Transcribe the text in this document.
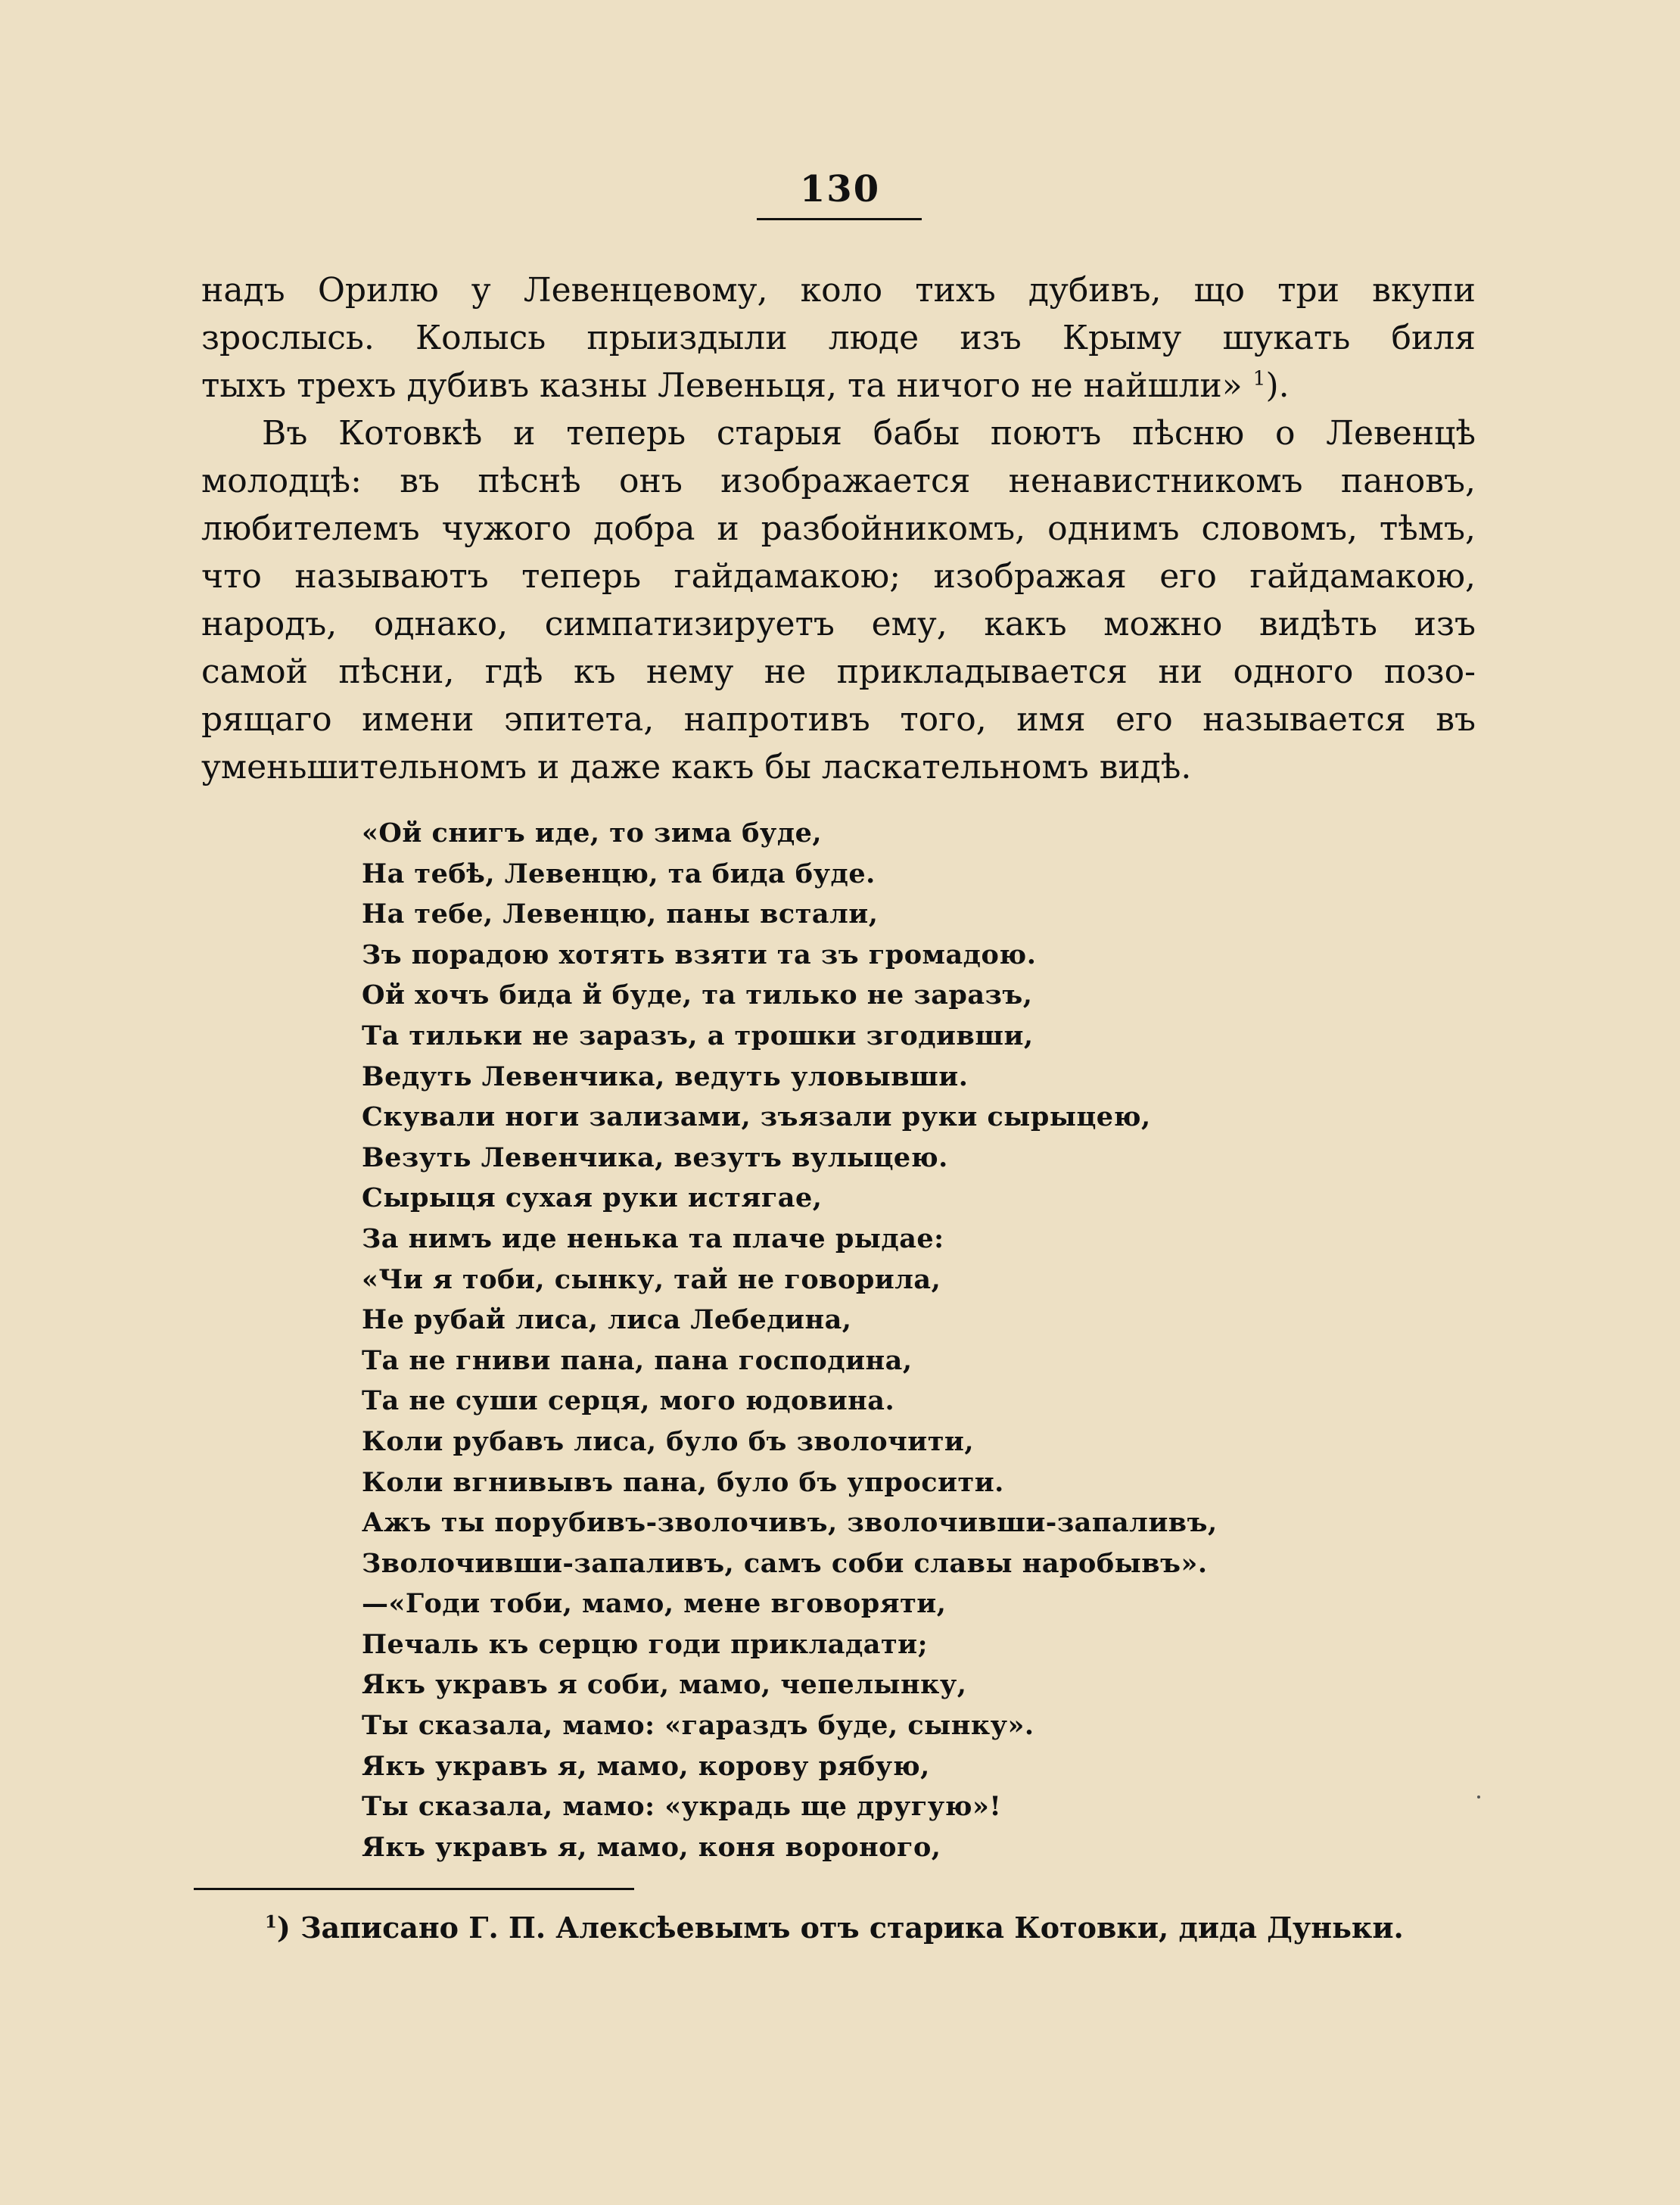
130
надъ Орилю у Левенцевому, коло тихъ дубивъ, що три вкупи
зрослысь. Колысь прыиздыли люде изъ Крыму шукать биля
тыхъ трехъ дубивъ казны Левеньця, та ничого не найшли» $^1$).
Въ Котовкѣ и теперь старыя бабы поютъ пѣсню о Левенцѣ
молодцѣ: въ пѣснѣ онъ изображается ненавистникомъ пановъ,
любителемъ чужого добра и разбойникомъ, однимъ словомъ, тѣмъ,
что называютъ теперь гайдамакою; изображая его гайдамакою,
народъ, однако, симпатизируетъ ему, какъ можно видѣть изъ
самой пѣсни, гдѣ къ нему не прикладывается ни одного позо-
рящаго имени эпитета, напротивъ того, имя его называется въ
уменьшительномъ и даже какъ бы ласкательномъ видѣ.
«Ой снигъ иде, то зима буде,
На тебѣ, Левенцю, та бида буде.
На тебе, Левенцю, паны встали,
Зъ порадою хотять взяти та зъ громадою.
Ой хочъ бида й буде, та тилько не заразъ,
Та тильки не заразъ, а трошки згодивши,
Ведуть Левенчика, ведуть уловывши.
Скували ноги зализами, зъязали руки сырыцею,
Везуть Левенчика, везутъ вулыцею.
Сырыця сухая руки истягае,
За нимъ иде ненька та плаче рыдае:
«Чи я тоби, сынку, тай не говорила,
Не рубай лиса, лиса Лебедина,
Та не гниви пана, пана господина,
Та не суши серця, мого юдовина.
Коли рубавъ лиса, було бъ зволочити,
Коли вгнивывъ пана, було бъ упросити.
Ажъ ты порубивъ-зволочивъ, зволочивши-запаливъ,
Зволочивши-запаливъ, самъ соби славы наробывъ».
—«Годи тоби, мамо, мене вговоряти,
Печаль къ серцю годи прикладати;
Якъ укравъ я соби, мамо, чепелынку,
Ты сказала, мамо: «гараздъ буде, сынку».
Якъ укравъ я, мамо, корову рябую,
Ты сказала, мамо: «украдь ще другую»!
Якъ укравъ я, мамо, коня вороного,
$^1$) Записано Г. П. Алексѣевымъ отъ старика Котовки, дида Дуньки.
